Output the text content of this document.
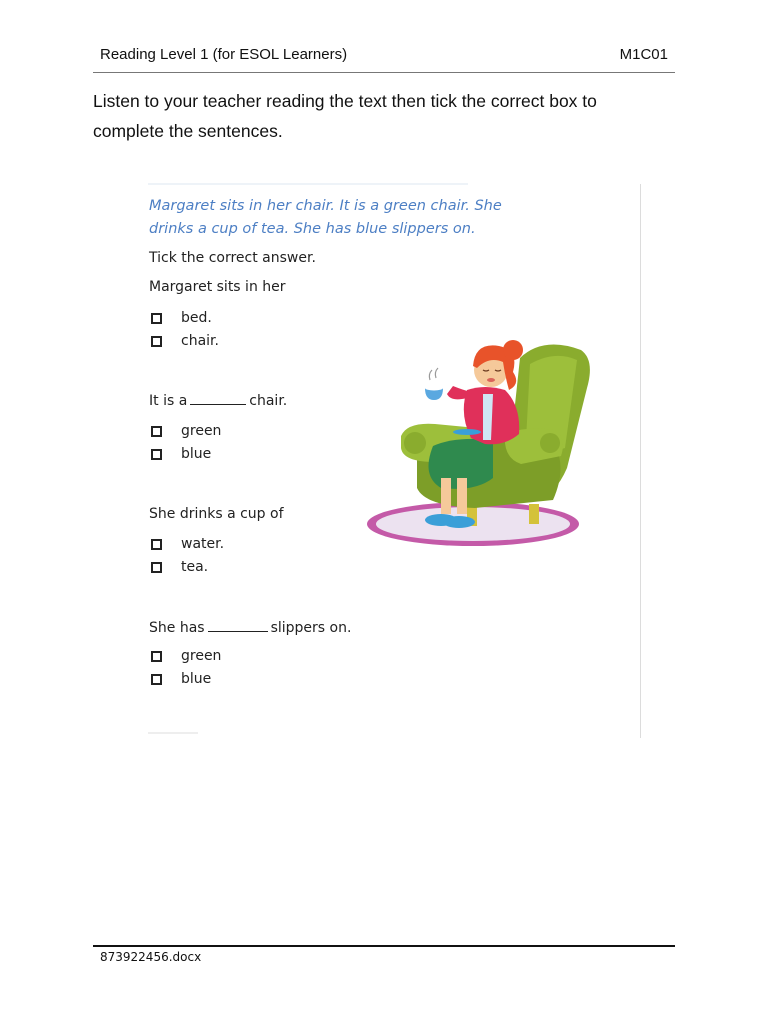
Reading Level 1 (for ESOL Learners)	M1C01
Listen to your teacher reading the text then tick the correct box to complete the sentences.
Margaret sits in her chair. It is a green chair. She drinks a cup of tea. She has blue slippers on.
Tick the correct answer.
Margaret sits in her
bed.
chair.
It is a	chair.
green
blue
She drinks a cup of
water.
tea.
She has	slippers on.
green
blue
873922456.docx
